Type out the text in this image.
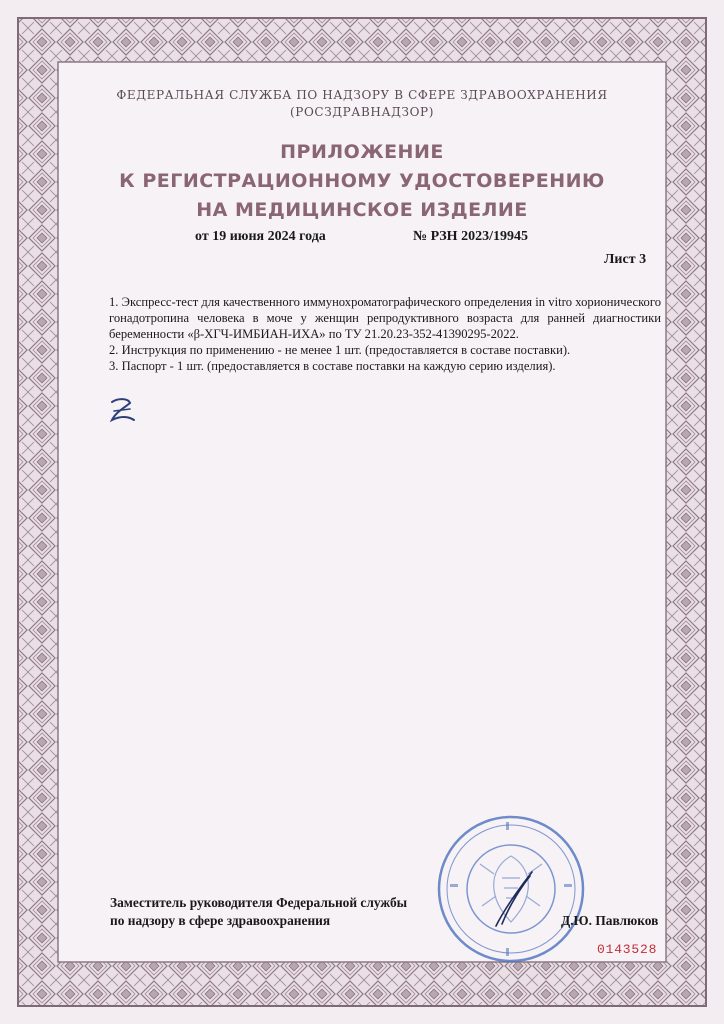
ФЕДЕРАЛЬНАЯ СЛУЖБА ПО НАДЗОРУ В СФЕРЕ ЗДРАВООХРАНЕНИЯ
(РОСЗДРАВНАДЗОР)
ПРИЛОЖЕНИЕ
К РЕГИСТРАЦИОННОМУ УДОСТОВЕРЕНИЮ
НА МЕДИЦИНСКОЕ ИЗДЕЛИЕ
от 19 июня 2024 года	№ РЗН 2023/19945
Лист 3

1. Экспресс-тест для качественного иммунохроматографического определения in vitro хорионического гонадотропина человека в моче у женщин репродуктивного возраста для ранней диагностики беременности «β-ХГЧ-ИМБИАН-ИХА» по ТУ 21.20.23-352-41390295-2022.

2. Инструкция по применению - не менее 1 шт. (предоставляется в составе поставки).

3. Паспорт - 1 шт. (предоставляется в составе поставки на каждую серию изделия).

Заместитель руководителя Федеральной службы
по надзору в сфере здравоохранения	Д.Ю. Павлюков
0143528
